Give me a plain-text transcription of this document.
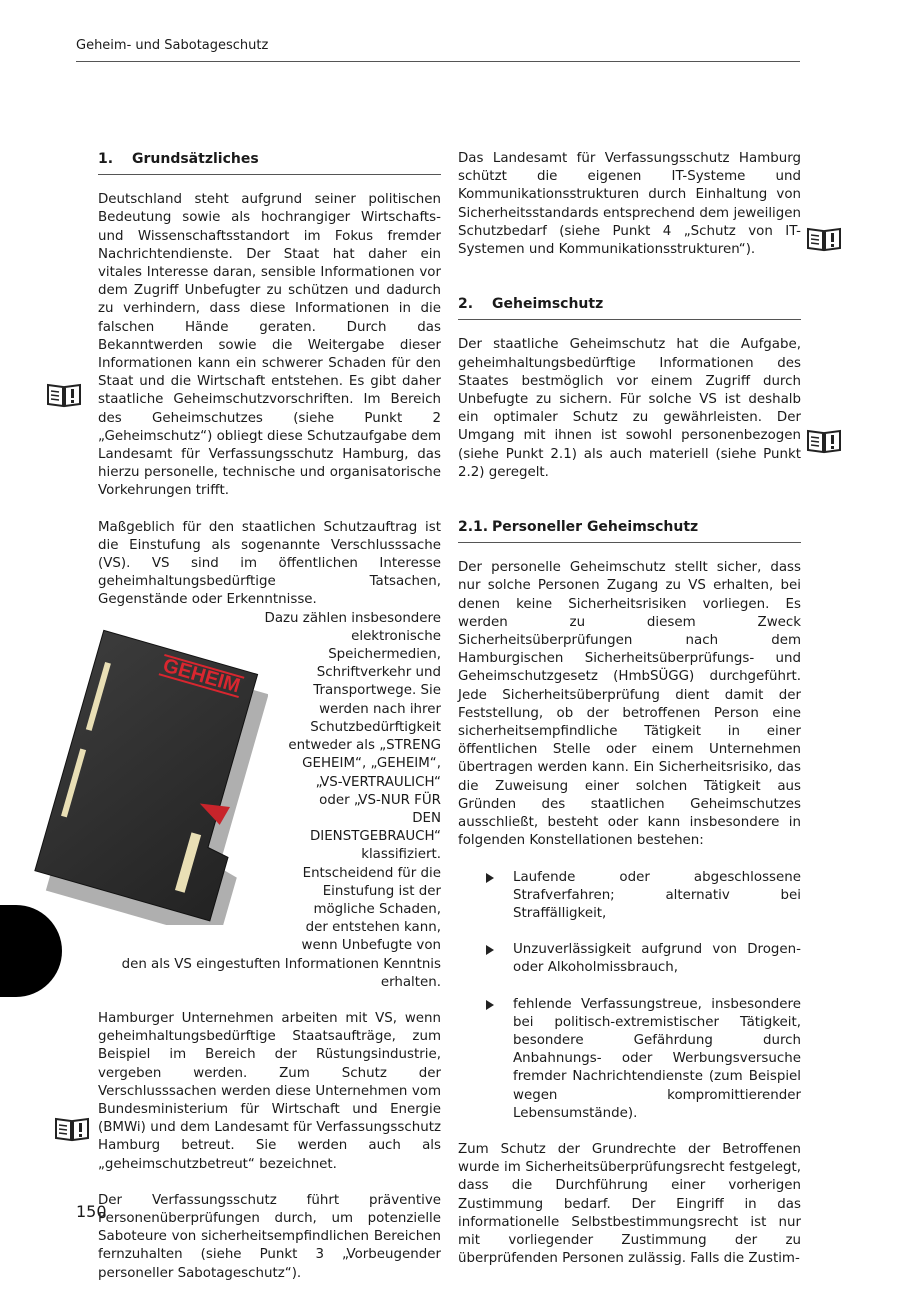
Geheim- und Sabotageschutz
1. Grundsätzliches

Deutschland steht aufgrund seiner politischen Bedeutung sowie als hochrangiger Wirtschafts- und Wissenschaftsstandort im Fokus fremder Nachrichtendienste. Der Staat hat daher ein vitales Interesse daran, sensible Informationen vor dem Zugriff Unbefugter zu schützen und dadurch zu verhindern, dass diese Informationen in die falschen Hände geraten. Durch das Bekanntwerden sowie die Weitergabe dieser Informationen kann ein schwerer Schaden für den Staat und die Wirtschaft entstehen. Es gibt daher staatliche Geheimschutzvorschriften. Im Bereich des Geheimschutzes (siehe Punkt 2 „Geheimschutz“) obliegt diese Schutzaufgabe dem Landesamt für Verfassungsschutz Hamburg, das hierzu personelle, technische und organisatorische Vorkehrungen trifft.

Maßgeblich für den staatlichen Schutzauftrag ist die Einstufung als sogenannte Verschlusssache (VS). VS sind im öffentlichen Interesse geheimhaltungsbedürftige Tatsachen, Gegenstände oder Erkenntnisse.

GEHEIM

Dazu zählen insbesondere elektronische Speichermedien, Schriftverkehr und Transportwege. Sie werden nach ihrer Schutzbedürftigkeit entweder als „STRENG GEHEIM“, „GEHEIM“, „VS-VERTRAULICH“ oder „VS-NUR FÜR DEN DIENSTGEBRAUCH“ klassifiziert. Entscheidend für die Einstufung ist der mögliche Schaden, der entstehen kann, wenn Unbefugte von den als VS eingestuften Informationen Kenntnis erhalten.

Hamburger Unternehmen arbeiten mit VS, wenn geheimhaltungsbedürftige Staatsaufträge, zum Beispiel im Bereich der Rüstungsindustrie, vergeben werden. Zum Schutz der Verschlusssachen werden diese Unternehmen vom Bundesministerium für Wirtschaft und Energie (BMWi) und dem Landesamt für Verfassungsschutz Hamburg betreut. Sie werden auch als „geheimschutzbetreut“ bezeichnet.

Der Verfassungsschutz führt präventive Personenüberprüfungen durch, um potenzielle Saboteure von sicherheitsempfindlichen Bereichen fernzuhalten (siehe Punkt 3 „Vorbeugender personeller Sabotageschutz“).

Das Landesamt für Verfassungsschutz Hamburg schützt die eigenen IT-Systeme und Kommunikationsstrukturen durch Einhaltung von Sicherheitsstandards entsprechend dem jeweiligen Schutzbedarf (siehe Punkt 4 „Schutz von IT-Systemen und Kommunikationsstrukturen“).

2. Geheimschutz

Der staatliche Geheimschutz hat die Aufgabe, geheimhaltungsbedürftige Informationen des Staates bestmöglich vor einem Zugriff durch Unbefugte zu sichern. Für solche VS ist deshalb ein optimaler Schutz zu gewährleisten. Der Umgang mit ihnen ist sowohl personenbezogen (siehe Punkt 2.1) als auch materiell (siehe Punkt 2.2) geregelt.

2.1. Personeller Geheimschutz

Der personelle Geheimschutz stellt sicher, dass nur solche Personen Zugang zu VS erhalten, bei denen keine Sicherheitsrisiken vorliegen. Es werden zu diesem Zweck Sicherheitsüberprüfungen nach dem Hamburgischen Sicherheitsüberprüfungs- und Geheimschutzgesetz (HmbSÜGG) durchgeführt. Jede Sicherheitsüberprüfung dient damit der Feststellung, ob der betroffenen Person eine sicherheitsempfindliche Tätigkeit in einer öffentlichen Stelle oder einem Unternehmen übertragen werden kann. Ein Sicherheitsrisiko, das die Zuweisung einer solchen Tätigkeit aus Gründen des staatlichen Geheimschutzes ausschließt, besteht oder kann insbesondere in folgenden Konstellationen bestehen:

Laufende oder abgeschlossene Strafverfahren; alternativ bei Straffälligkeit,
Unzuverlässigkeit aufgrund von Drogen- oder Alkoholmissbrauch,
fehlende Verfassungstreue, insbesondere bei politisch-extremistischer Tätigkeit, besondere Gefährdung durch Anbahnungs- oder Werbungsversuche fremder Nachrichtendienste (zum Beispiel wegen kompromittierender Lebensumstände).

Zum Schutz der Grundrechte der Betroffenen wurde im Sicherheitsüberprüfungsrecht festgelegt, dass die Durchführung einer vorherigen Zustimmung bedarf. Der Eingriff in das informationelle Selbstbestimmungsrecht ist nur mit vorliegender Zustimmung der zu überprüfenden Personen zulässig. Falls die Zustim-

150
